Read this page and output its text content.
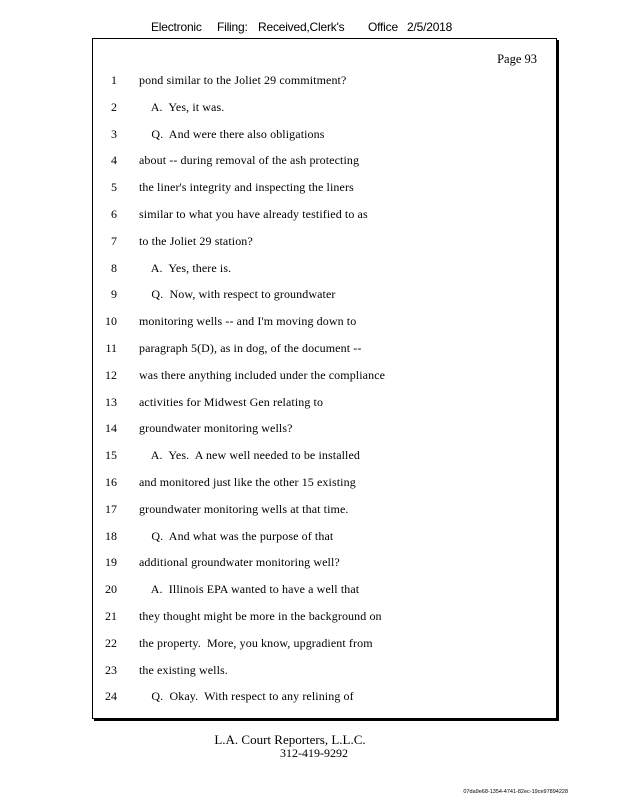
Electronic Filing: Received,Clerk's Office 2/5/2018
Page 93
1 pond similar to the Joliet 29 commitment?
2 A.  Yes, it was.
3 Q.  And were there also obligations
4 about -- during removal of the ash protecting
5 the liner's integrity and inspecting the liners
6 similar to what you have already testified to as
7 to the Joliet 29 station?
8 A.  Yes, there is.
9 Q.  Now, with respect to groundwater
10 monitoring wells -- and I'm moving down to
11 paragraph 5(D), as in dog, of the document --
12 was there anything included under the compliance
13 activities for Midwest Gen relating to
14 groundwater monitoring wells?
15 A.  Yes.  A new well needed to be installed
16 and monitored just like the other 15 existing
17 groundwater monitoring wells at that time.
18 Q.  And what was the purpose of that
19 additional groundwater monitoring well?
20 A.  Illinois EPA wanted to have a well that
21 they thought might be more in the background on
22 the property.  More, you know, upgradient from
23 the existing wells.
24 Q.  Okay.  With respect to any relining of
L.A. Court Reporters, L.L.C.
312-419-9292
07da9e68-1354-4741-82ec-19ce97894228
